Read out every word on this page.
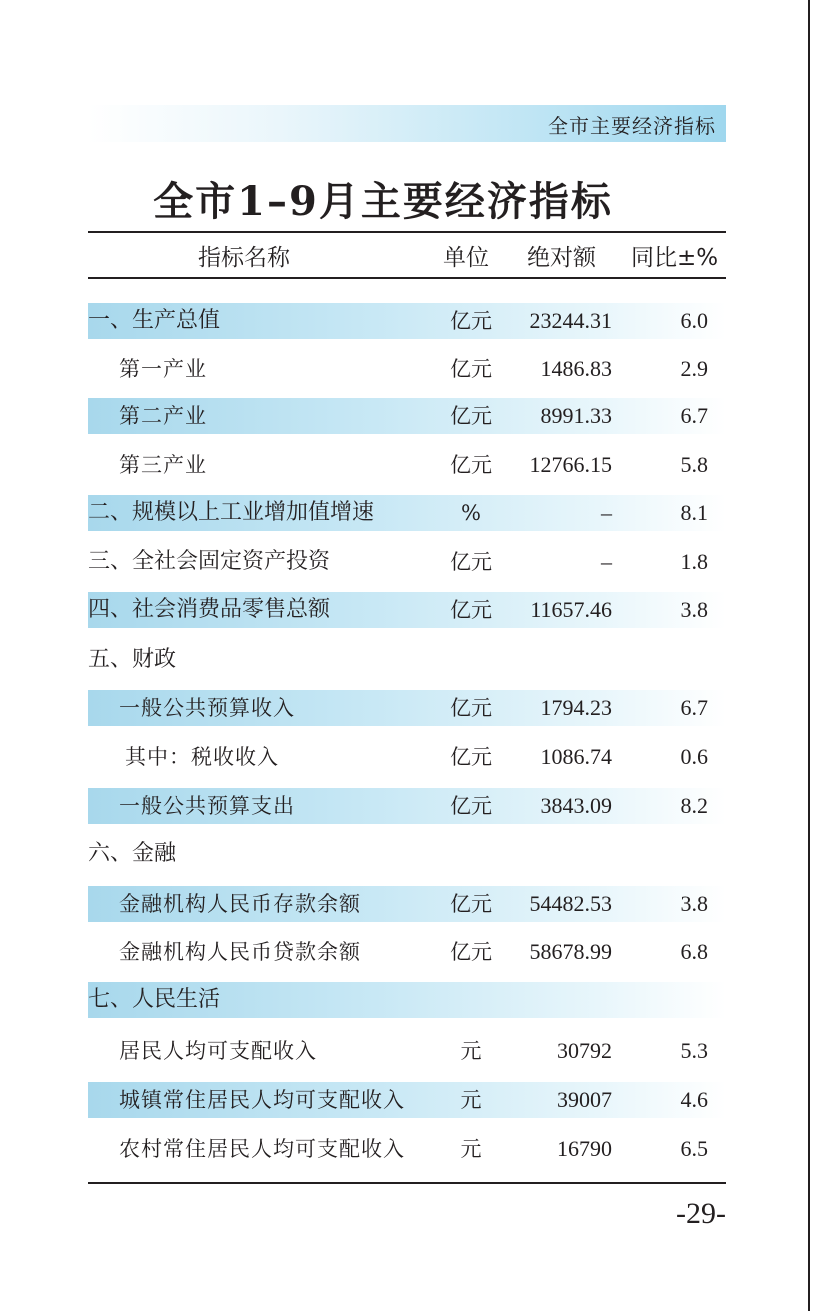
全市主要经济指标
全市1–9月主要经济指标
指标名称	单位 绝对额 同比±%
一、生产总值	亿元 23244.31	6.0
第一产业	亿元 1486.83	2.9
第二产业	亿元 8991.33	6.7
第三产业	亿元 12766.15	5.8
二、规模以上工业增加值增速	%	–	8.1
三、全社会固定资产投资	亿元	–	1.8
四、社会消费品零售总额	亿元 11657.46	3.8
五、财政
一般公共预算收入	亿元 1794.23	6.7
其中：税收收入	亿元 1086.74	0.6
一般公共预算支出	亿元 3843.09	8.2
六、金融
金融机构人民币存款余额	亿元 54482.53	3.8
金融机构人民币贷款余额	亿元 58678.99	6.8
七、人民生活
居民人均可支配收入	元	30792	5.3
城镇常住居民人均可支配收入	元	39007	4.6
农村常住居民人均可支配收入	元	16790	6.5
-29-
